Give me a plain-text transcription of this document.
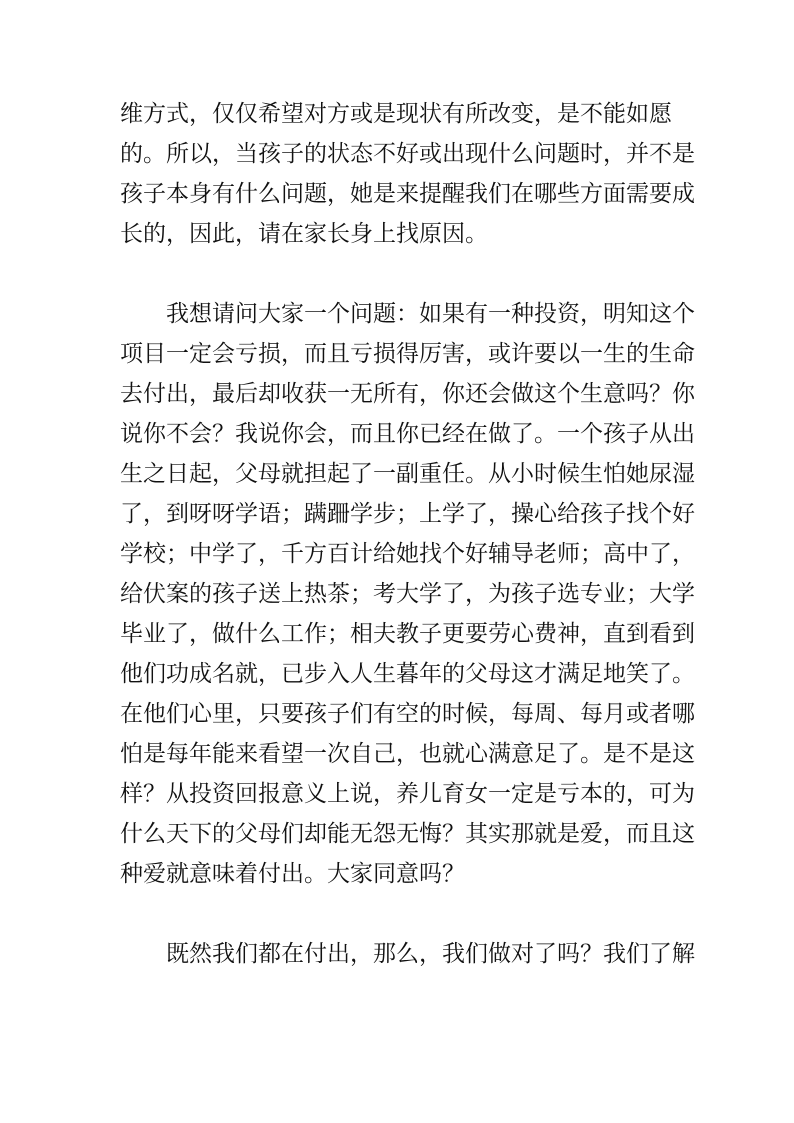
维方式，仅仅希望对方或是现状有所改变，是不能如愿

的。所以，当孩子的状态不好或出现什么问题时，并不是

孩子本身有什么问题，她是来提醒我们在哪些方面需要成

长的，因此，请在家长身上找原因。

我想请问大家一个问题：如果有一种投资，明知这个

项目一定会亏损，而且亏损得厉害，或许要以一生的生命

去付出，最后却收获一无所有，你还会做这个生意吗？你

说你不会？我说你会，而且你已经在做了。一个孩子从出

生之日起，父母就担起了一副重任。从小时候生怕她尿湿

了，到呀呀学语；蹒跚学步；上学了，操心给孩子找个好

学校；中学了，千方百计给她找个好辅导老师；高中了，

给伏案的孩子送上热茶；考大学了，为孩子选专业；大学

毕业了，做什么工作；相夫教子更要劳心费神，直到看到

他们功成名就，已步入人生暮年的父母这才满足地笑了。

在他们心里，只要孩子们有空的时候，每周、每月或者哪

怕是每年能来看望一次自己，也就心满意足了。是不是这

样？从投资回报意义上说，养儿育女一定是亏本的，可为

什么天下的父母们却能无怨无悔？其实那就是爱，而且这

种爱就意味着付出。大家同意吗？

既然我们都在付出，那么，我们做对了吗？我们了解
